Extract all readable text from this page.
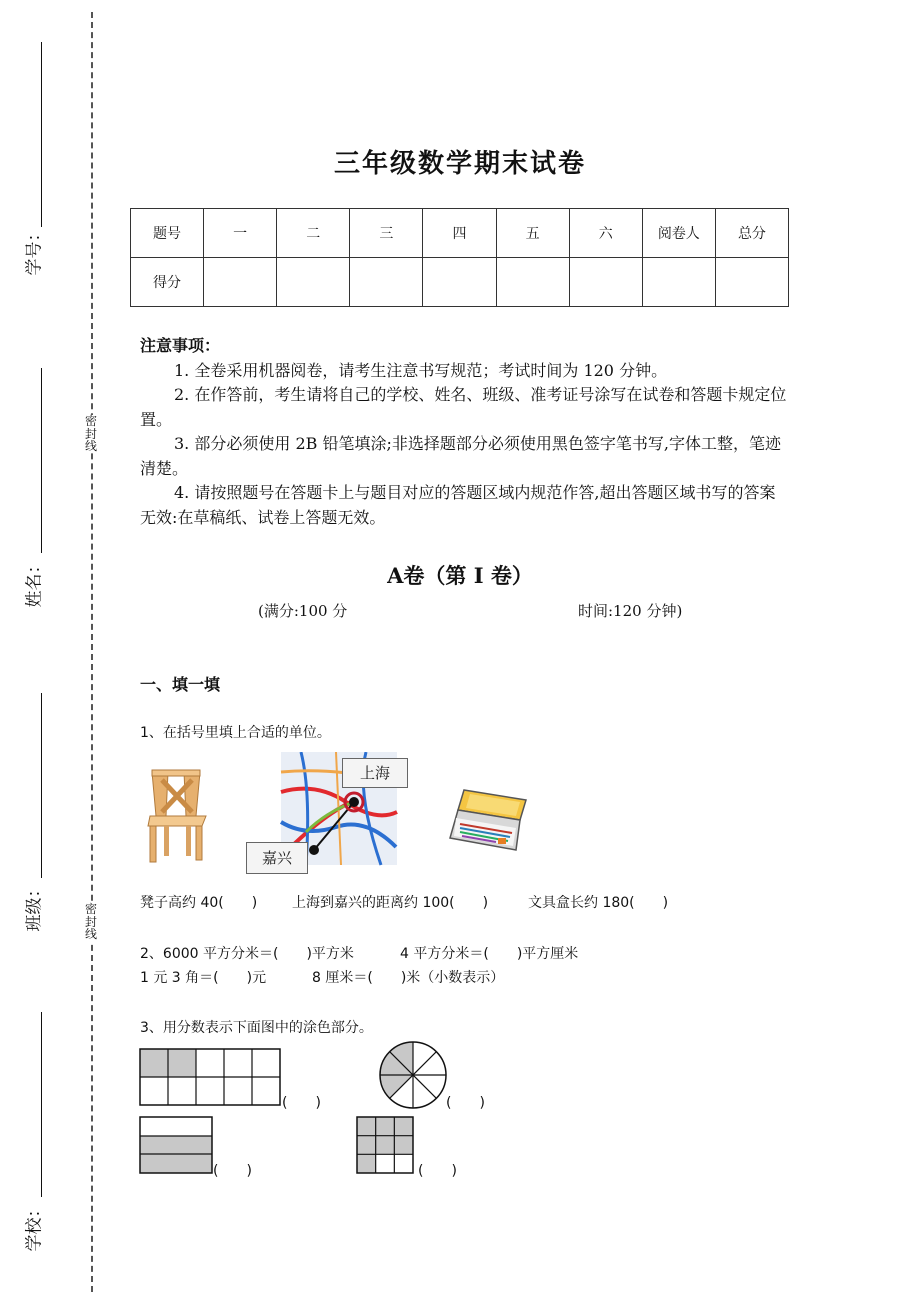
学号：
姓名：
班级：
学校：
密
封
线
密
封
线
三年级数学期末试卷
题号	一	二	三	四	五	六	阅卷人	总分
得分								

注意事项：

1. 全卷采用机器阅卷，请考生注意书写规范；考试时间为 120 分钟。

2. 在作答前，考生请将自己的学校、姓名、班级、准考证号涂写在试卷和答题卡规定位置。

3. 部分必须使用 2B 铅笔填涂;非选择题部分必须使用黑色签字笔书写,字体工整，笔迹清楚。

4. 请按照题号在答题卡上与题目对应的答题区域内规范作答,超出答题区域书写的答案无效:在草稿纸、试卷上答题无效。

A卷（第 I 卷）
(满分:100 分	时间:120 分钟)
一、填一填
1、在括号里填上合适的单位。
上海
嘉兴
凳子高约 40(　　) 上海到嘉兴的距离约 100(　　)	文具盒长约 180(　　)
2、6000 平方分米＝(　　)平方米	4 平方分米＝(　　)平方厘米
1 元 3 角＝(　　)元	8 厘米＝(　　)米（小数表示）
3、用分数表示下面图中的涂色部分。
(　　)	(　　)
(　　)	(　　)
